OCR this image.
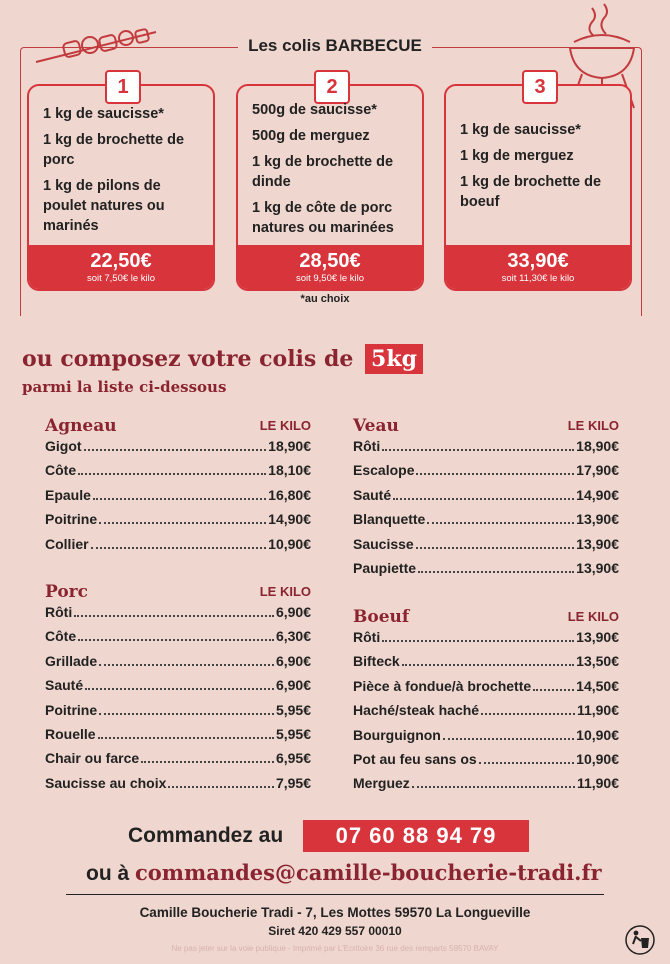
Les colis BARBECUE
1
1 kg de saucisse*
1 kg de brochette de porc
1 kg de pilons de poulet natures ou marinés
22,50€
soit 7,50€ le kilo
2
500g de saucisse*
500g de merguez
1 kg de brochette de dinde
1 kg de côte de porc natures ou marinées
28,50€
soit 9,50€ le kilo
3
1 kg de saucisse*
1 kg de merguez
1 kg de brochette de boeuf
33,90€
soit 11,30€ le kilo
*au choix
ou composez votre colis de 5kg
parmi la liste ci-dessous
Agneau	LE KILO
Gigot	18,90€
Côte	18,10€
Epaule	16,80€
Poitrine	14,90€
Collier	10,90€
Porc	LE KILO
Rôti	6,90€
Côte	6,30€
Grillade	6,90€
Sauté	6,90€
Poitrine	5,95€
Rouelle	5,95€
Chair ou farce	6,95€
Saucisse au choix	7,95€
Veau	LE KILO
Rôti	18,90€
Escalope	17,90€
Sauté	14,90€
Blanquette	13,90€
Saucisse	13,90€
Paupiette	13,90€
Boeuf	LE KILO
Rôti	13,90€
Bifteck	13,50€
Pièce à fondue/à brochette	14,50€
Haché/steak haché	11,90€
Bourguignon	10,90€
Pot au feu sans os	10,90€
Merguez	11,90€
Commandez au	07 60 88 94 79
ou à commandes@camille-boucherie-tradi.fr
Camille Boucherie Tradi - 7, Les Mottes 59570 La Longueville
Siret 420 429 557 00010
Ne pas jeter sur la voie publique - Imprimé par L'Ecritoire 36 rue des remparts 59570 BAVAY
